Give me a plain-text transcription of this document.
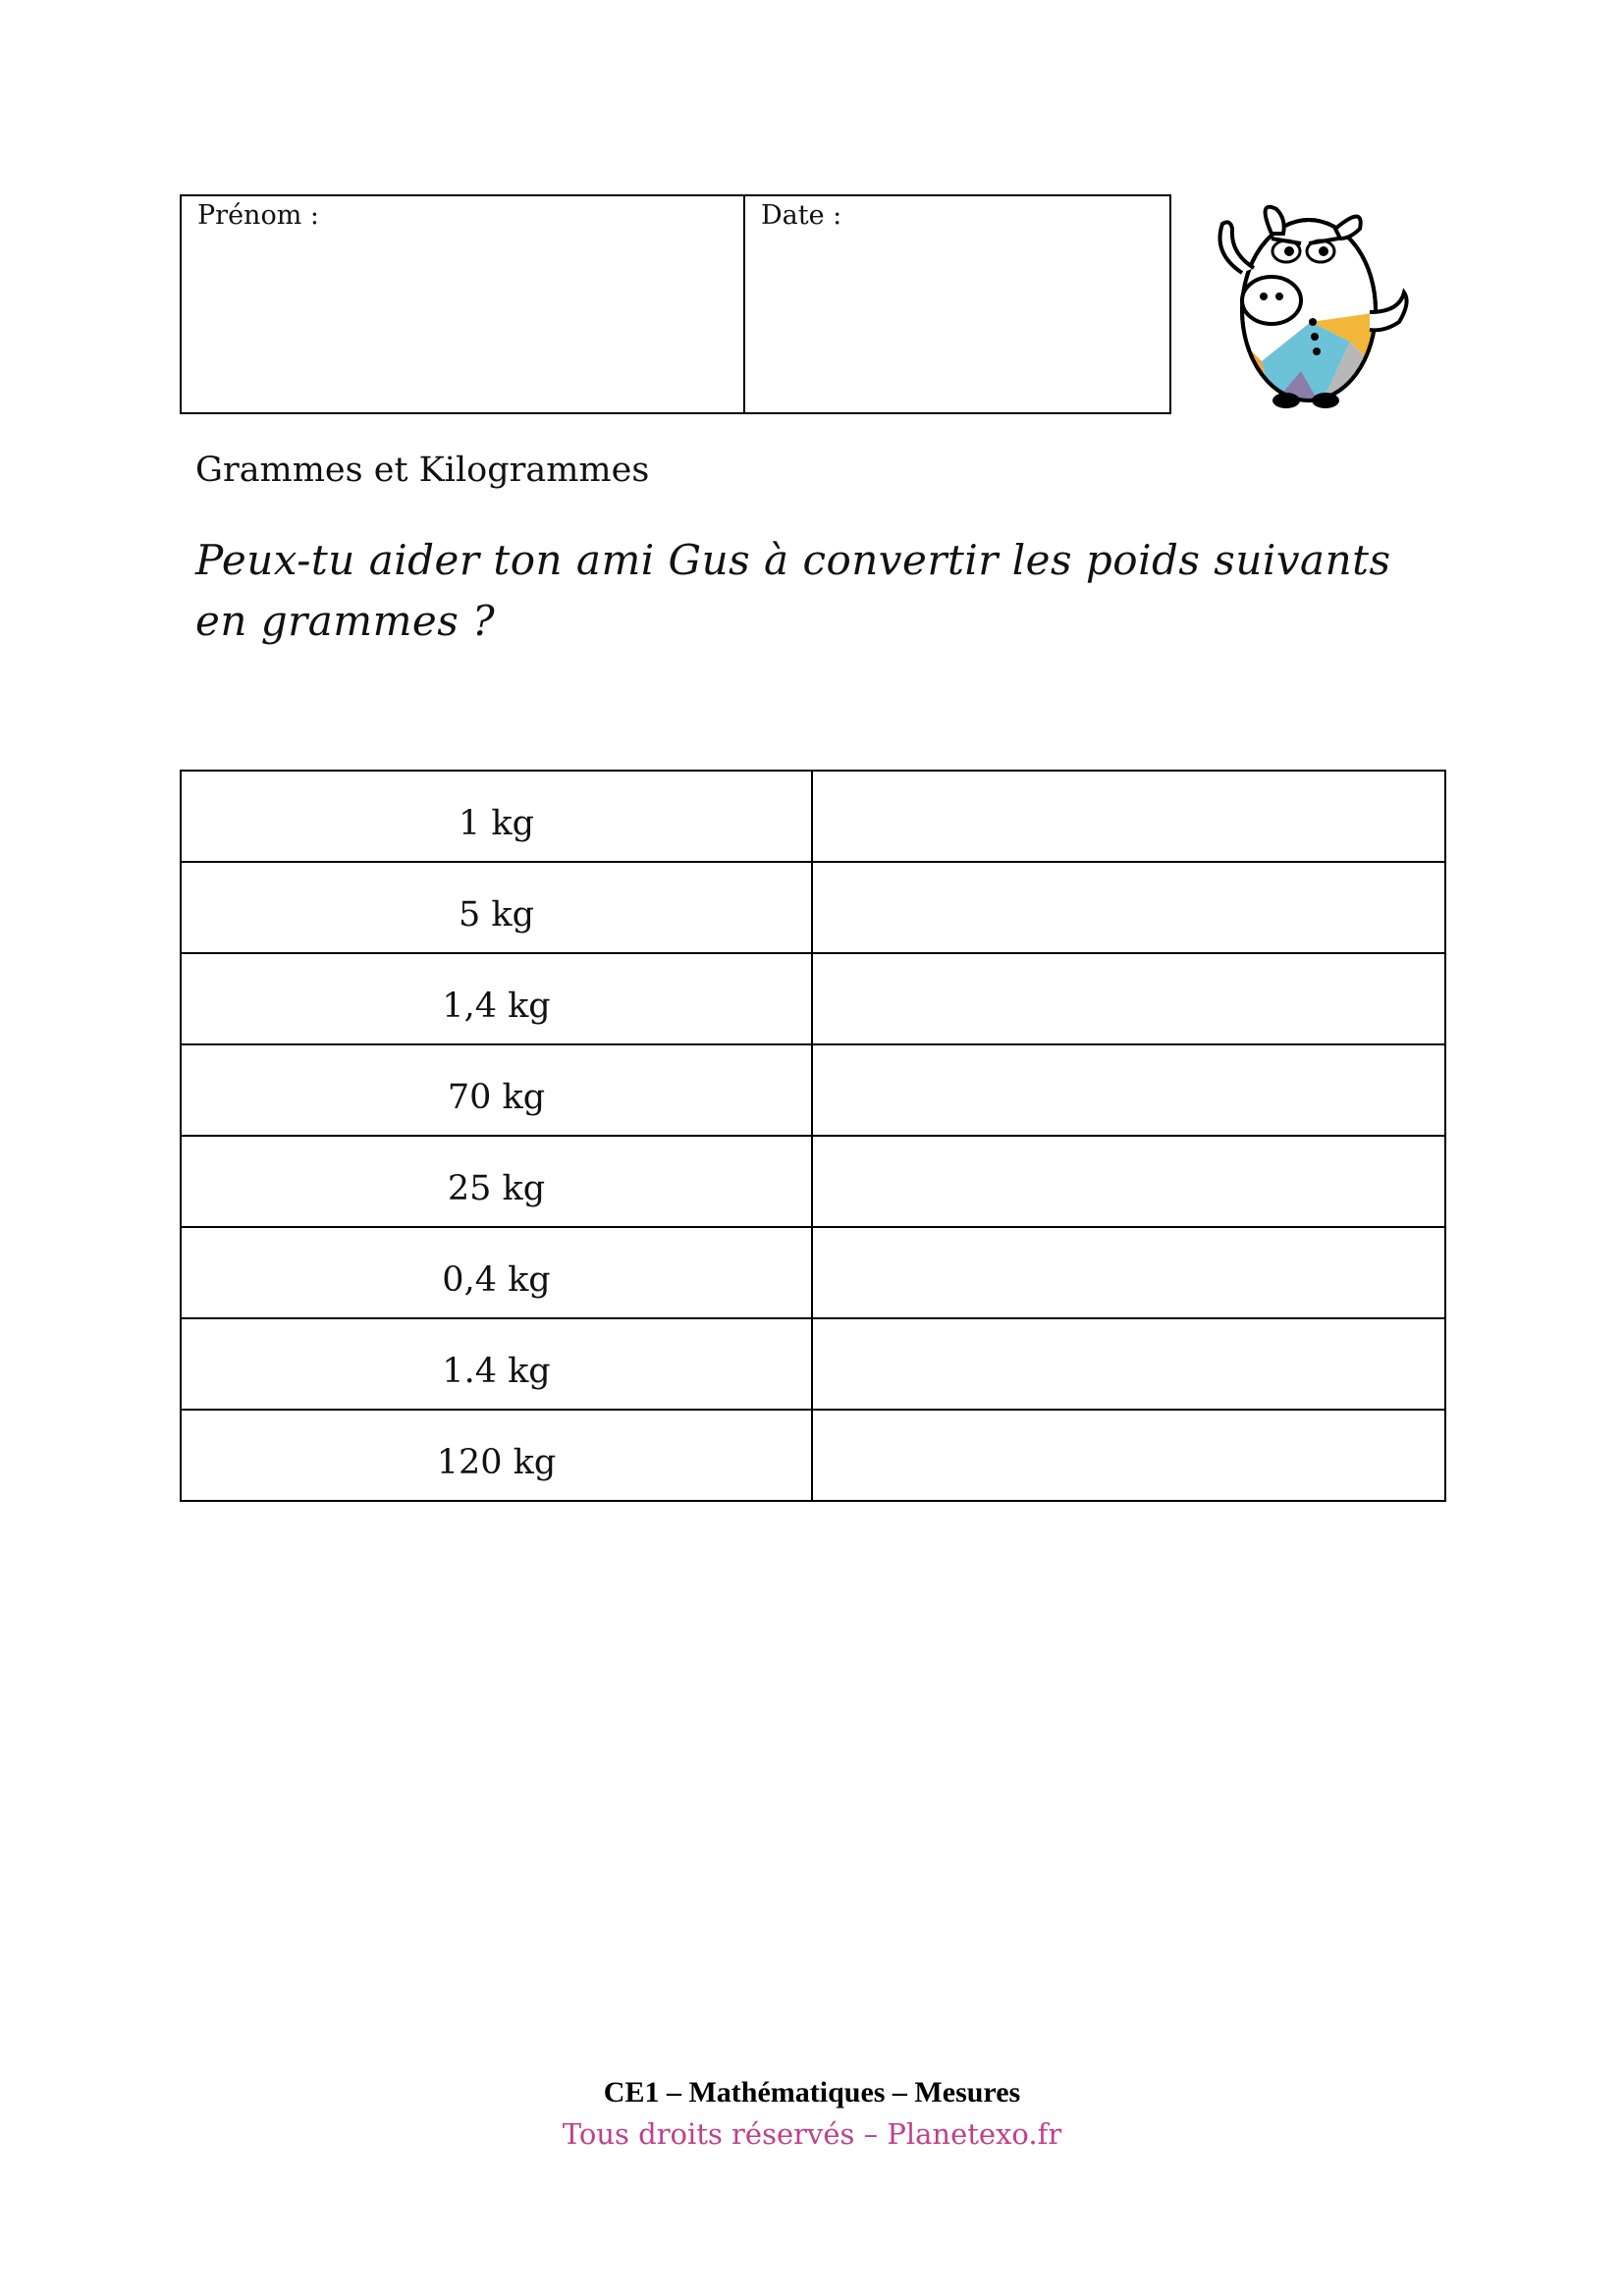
Prénom :	Date :
Grammes et Kilogrammes
Peux-tu aider ton ami Gus à convertir les poids suivants en grammes ?
1 kg	
5 kg	
1,4 kg	
70 kg	
25 kg	
0,4 kg	
1.4 kg	
120 kg	
CE1 – Mathématiques – Mesures
Tous droits réservés – Planetexo.fr
